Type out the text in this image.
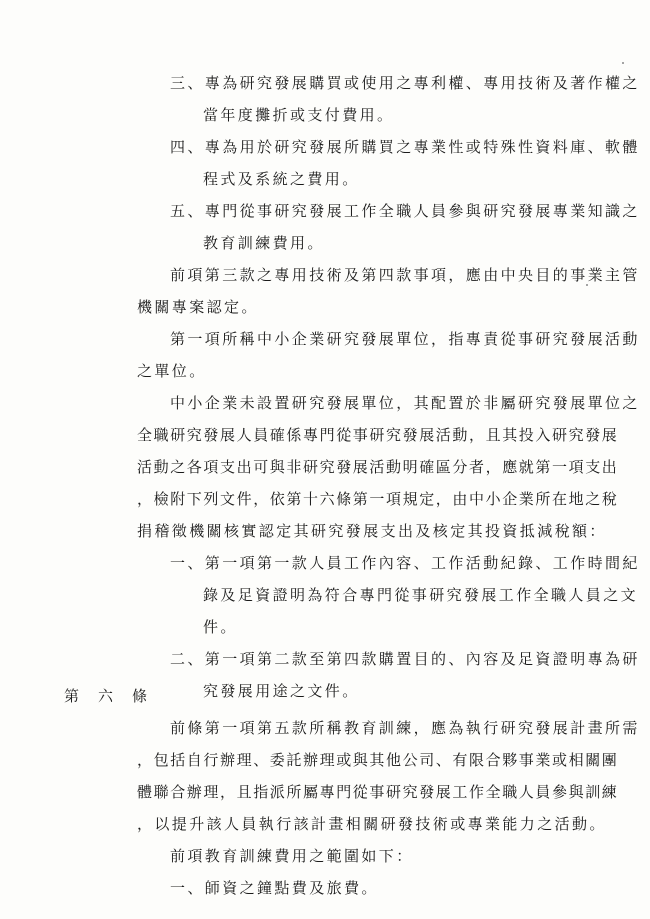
三、專為研究發展購買或使用之專利權、專用技術及著作權之
當年度攤折或支付費用。
四、專為用於研究發展所購買之專業性或特殊性資料庫、軟體
程式及系統之費用。
五、專門從事研究發展工作全職人員參與研究發展專業知識之
教育訓練費用。
前項第三款之專用技術及第四款事項，應由中央目的事業主管
機關專案認定。
第一項所稱中小企業研究發展單位，指專責從事研究發展活動
之單位。
中小企業未設置研究發展單位，其配置於非屬研究發展單位之
全職研究發展人員確係專門從事研究發展活動，且其投入研究發展
活動之各項支出可與非研究發展活動明確區分者，應就第一項支出
，檢附下列文件，依第十六條第一項規定，由中小企業所在地之稅
捐稽徵機關核實認定其研究發展支出及核定其投資抵減稅額：
一、第一項第一款人員工作內容、工作活動紀錄、工作時間紀
錄及足資證明為符合專門從事研究發展工作全職人員之文
件。
二、第一項第二款至第四款購置目的、內容及足資證明專為研
究發展用途之文件。
第	六	條
前條第一項第五款所稱教育訓練，應為執行研究發展計畫所需
，包括自行辦理、委託辦理或與其他公司、有限合夥事業或相關團
體聯合辦理，且指派所屬專門從事研究發展工作全職人員參與訓練
，以提升該人員執行該計畫相關研發技術或專業能力之活動。
前項教育訓練費用之範圍如下：
一、師資之鐘點費及旅費。
